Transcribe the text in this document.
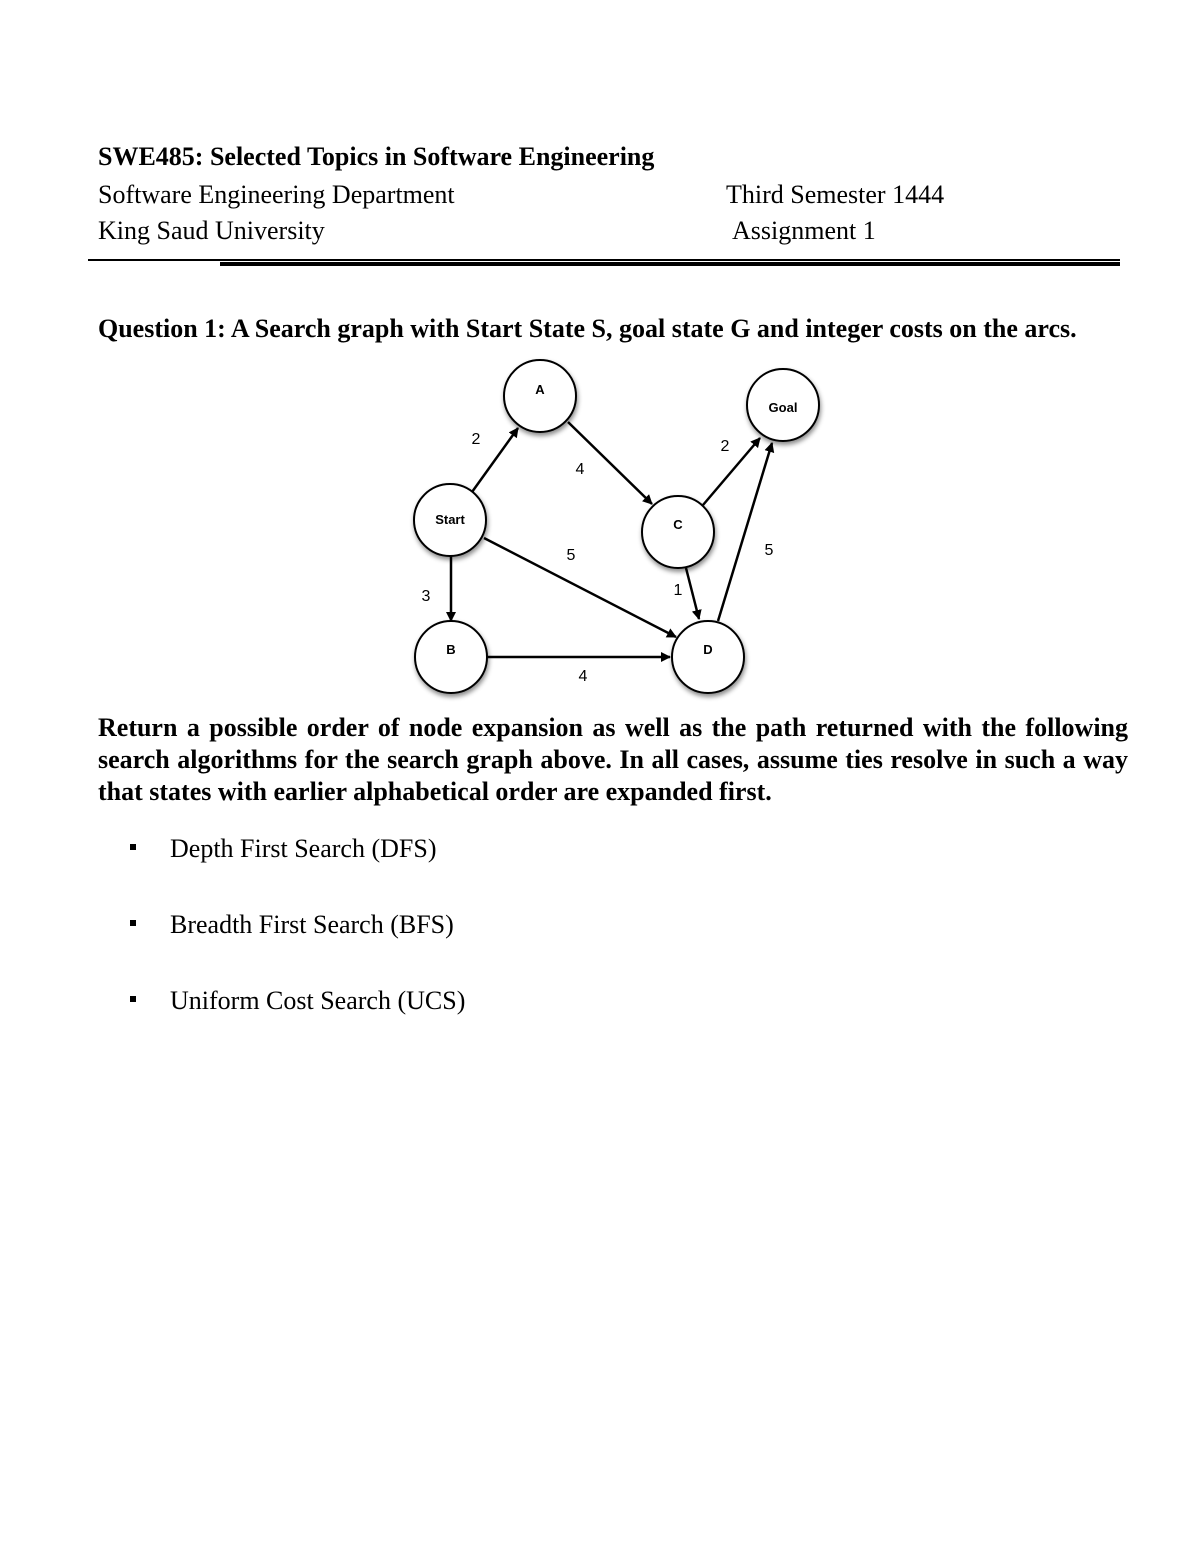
SWE485: Selected Topics in Software Engineering
Software Engineering Department	Third Semester 1444
King Saud University	Assignment 1
Question 1: A Search graph with Start State S, goal state G and integer costs on the arcs.
2
4
2
5	5
3	1
4
A
Goal
Start	C
B	D

Return a possible order of node expansion as well as the path returned with the following search algorithms for the search graph above. In all cases, assume ties resolve in such a way that states with earlier alphabetical order are expanded first.

Depth First Search (DFS)
Breadth First Search (BFS)
Uniform Cost Search (UCS)
